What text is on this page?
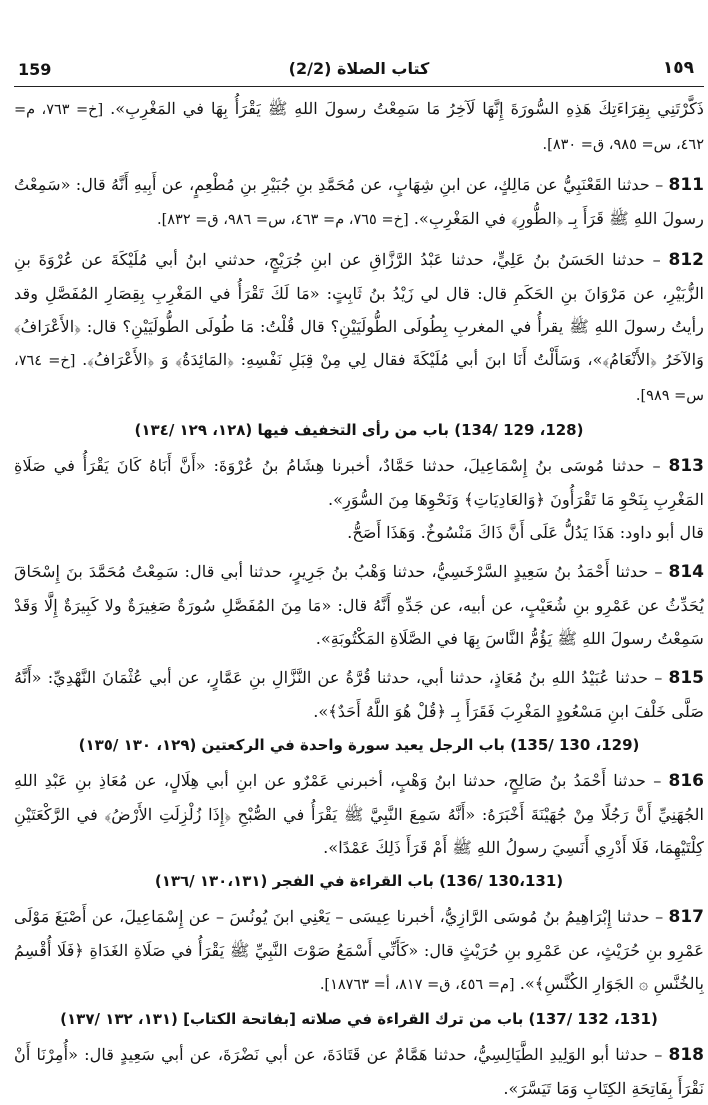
159	كتاب الصلاة (2/2)	١٥٩

ذَكَّرْتَنِي بِقِرَاءَتِكَ هَذِهِ السُّورَةَ إِنَّهَا لَآخِرُ مَا سَمِعْتُ رسولَ اللهِ ﷺ يَقْرَأُ بِهَا في المَغْرِبِ». [خ= ٧٦٣، م= ٤٦٢، س= ٩٨٥، ق= ٨٣٠].

811 – حدثنا القَعْنَبِيُّ عن مَالِكٍ، عن ابنِ شِهَابٍ، عن مُحَمَّدِ بنِ جُبَيْرِ بنِ مُطْعِمٍ، عن أَبِيهِ أَنَّهُ قال: «سَمِعْتُ رسولَ اللهِ ﷺ قَرَأَ بِـ ﴿الطُّورِ﴾ في المَغْرِبِ». [خ= ٧٦٥، م= ٤٦٣، س= ٩٨٦، ق= ٨٣٢].

812 – حدثنا الحَسَنُ بنُ عَلِيٍّ، حدثنا عَبْدُ الرَّزَّاقِ عن ابنِ جُرَيْجٍ، حدثني ابنُ أبي مُلَيْكَةَ عن عُرْوَةَ بنِ الزُّبَيْرِ، عن مَرْوَانَ بنِ الحَكَمِ قال: قال لي زَيْدُ بنُ ثَابِتٍ: «مَا لَكَ تَقْرَأُ في المَغْرِبِ بِقِصَارِ المُفَصَّلِ وقد رأيتُ رسولَ اللهِ ﷺ يقرأُ في المغربِ بِطُولَى الطُّولَيَيْنِ؟ قال قُلْتُ: مَا طُولَى الطُّولَيَيْنِ؟ قال: ﴿الأَعْرَافُ﴾ وَالآخَرُ ﴿الأَنْعَامُ﴾»، وَسَأَلْتُ أَنَا ابنَ أبي مُلَيْكَةَ فقال لِي مِنْ قِبَلِ نَفْسِهِ: ﴿المَائِدَةُ﴾ وَ ﴿الأَعْرَافُ﴾. [خ= ٧٦٤، س= ٩٨٩].

(128، 129 /134) باب من رأى التخفيف فيها (١٢٨، ١٢٩ /١٣٤)

813 – حدثنا مُوسَى بنُ إِسْمَاعِيلَ، حدثنا حَمَّادٌ، أخبرنا هِشَامُ بنُ عُرْوَةَ: «أَنَّ أَبَاهُ كَانَ يَقْرَأُ في صَلَاةِ المَغْرِبِ بِنَحْوِ مَا تَقْرَأُونَ ﴿وَالعَادِيَاتِ﴾ وَنَحْوِهَا مِنَ السُّوَرِ».

قال أبو داود: هَذَا يَدُلُّ عَلَى أَنَّ ذَاكَ مَنْسُوخٌ. وَهَذَا أَصَحُّ.

814 – حدثنا أَحْمَدُ بنُ سَعِيدٍ السَّرْخَسِيُّ، حدثنا وَهْبُ بنُ جَرِيرٍ، حدثنا أبي قال: سَمِعْتُ مُحَمَّدَ بنَ إِسْحَاقَ يُحَدِّثُ عن عَمْرِو بنِ شُعَيْبٍ، عن أبيه، عن جَدِّهِ أَنَّهُ قال: «مَا مِنَ المُفَصَّلِ سُورَةٌ صَغِيرَةٌ ولا كَبِيرَةٌ إِلَّا وَقَدْ سَمِعْتُ رسولَ اللهِ ﷺ يَؤُمُّ النَّاسَ بِهَا في الصَّلَاةِ المَكْتُوبَةِ».

815 – حدثنا عُبَيْدُ اللهِ بنُ مُعَاذٍ، حدثنا أبي، حدثنا قُرَّةُ عن النَّزَّالِ بنِ عَمَّارٍ، عن أبي عُثْمَانَ النَّهْدِيِّ: «أَنَّهُ صَلَّى خَلْفَ ابنِ مَسْعُودٍ المَغْرِبَ فَقَرَأَ بِـ ﴿قُلْ هُوَ اللَّهُ أَحَدٌ﴾».

(129، 130 /135) باب الرجل يعيد سورة واحدة في الركعتين (١٢٩، ١٣٠ /١٣٥)

816 – حدثنا أَحْمَدُ بنُ صَالِحٍ، حدثنا ابنُ وَهْبٍ، أخبرني عَمْرٌو عن ابنِ أبي هِلَالٍ، عن مُعَاذِ بنِ عَبْدِ اللهِ الجُهَنِيِّ أَنَّ رَجُلًا مِنْ جُهَيْنَةَ أَخْبَرَهُ: «أَنَّهُ سَمِعَ النَّبِيَّ ﷺ يَقْرَأُ في الصُّبْحِ ﴿إِذَا زُلْزِلَتِ الأَرْضُ﴾ في الرَّكْعَتَيْنِ كِلْتَيْهِمَا، فَلَا أَدْرِي أَنَسِيَ رسولُ اللهِ ﷺ أَمْ قَرَأَ ذَلِكَ عَمْدًا».

(130،131 /136) باب القراءة في الفجر (١٣٠،١٣١ /١٣٦)

817 – حدثنا إِبْرَاهِيمُ بنُ مُوسَى الرَّازِيُّ، أخبرنا عِيسَى – يَعْنِي ابنَ يُونُسَ – عن إِسْمَاعِيلَ، عن أَصْبَغَ مَوْلَى عَمْرِو بنِ حُرَيْثٍ، عن عَمْرِو بنِ حُرَيْثٍ قال: «كَأَنِّي أَسْمَعُ صَوْتَ النَّبِيِّ ﷺ يَقْرَأُ في صَلَاةِ الغَدَاةِ ﴿فَلَا أُقْسِمُ بِالخُنَّسِ ۞ الجَوَارِ الكُنَّسِ﴾». [م= ٤٥٦، ق= ٨١٧، أ= ١٨٧٦٣].

(131، 132 /137) باب من ترك القراءة في صلاته [بفاتحة الكتاب] (١٣١، ١٣٢ /١٣٧)

818 – حدثنا أبو الوَلِيدِ الطَّيَالِسِيُّ، حدثنا هَمَّامٌ عن قَتَادَةَ، عن أبي نَضْرَةَ، عن أبي سَعِيدٍ قال: «أُمِرْنَا أَنْ نَقْرَأَ بِفَاتِحَةِ الكِتَابِ وَمَا تَيَسَّرَ».
